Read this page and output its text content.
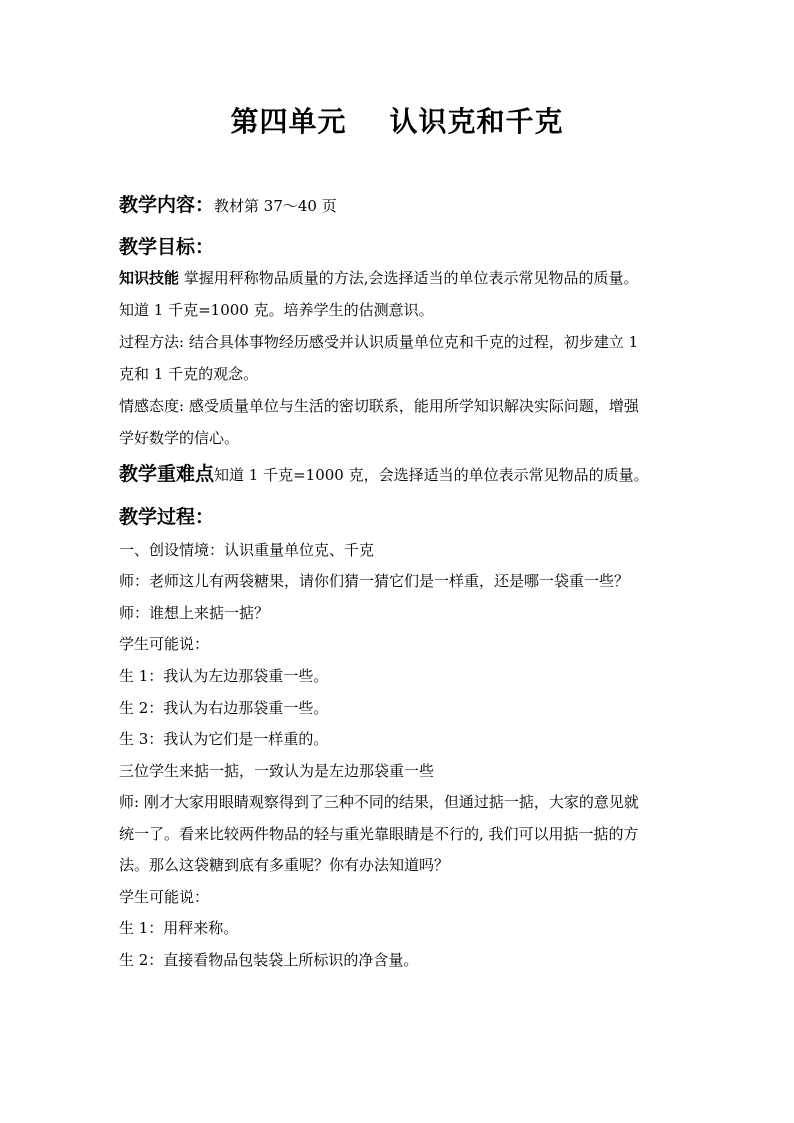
第四单元    认识克和千克
教学内容：教材第 37～40 页
教学目标：
知识技能 掌握用秤称物品质量的方法,会选择适当的单位表示常见物品的质量。
知道 1 千克=1000 克。培养学生的估测意识。
过程方法: 结合具体事物经历感受并认识质量单位克和千克的过程，初步建立 1
克和 1 千克的观念。
情感态度: 感受质量单位与生活的密切联系，能用所学知识解决实际问题，增强
学好数学的信心。
教学重难点知道 1 千克=1000 克，会选择适当的单位表示常见物品的质量。
教学过程：
一、创设情境：认识重量单位克、千克
师：老师这儿有两袋糖果，请你们猜一猜它们是一样重，还是哪一袋重一些？
师：谁想上来掂一掂？
学生可能说：
生 1：我认为左边那袋重一些。
生 2：我认为右边那袋重一些。
生 3：我认为它们是一样重的。
三位学生来掂一掂，一致认为是左边那袋重一些
师: 刚才大家用眼睛观察得到了三种不同的结果，但通过掂一掂，大家的意见就
统一了。看来比较两件物品的轻与重光靠眼睛是不行的, 我们可以用掂一掂的方
法。那么这袋糖到底有多重呢？你有办法知道吗？
学生可能说：
生 1：用秤来称。
生 2：直接看物品包装袋上所标识的净含量。
